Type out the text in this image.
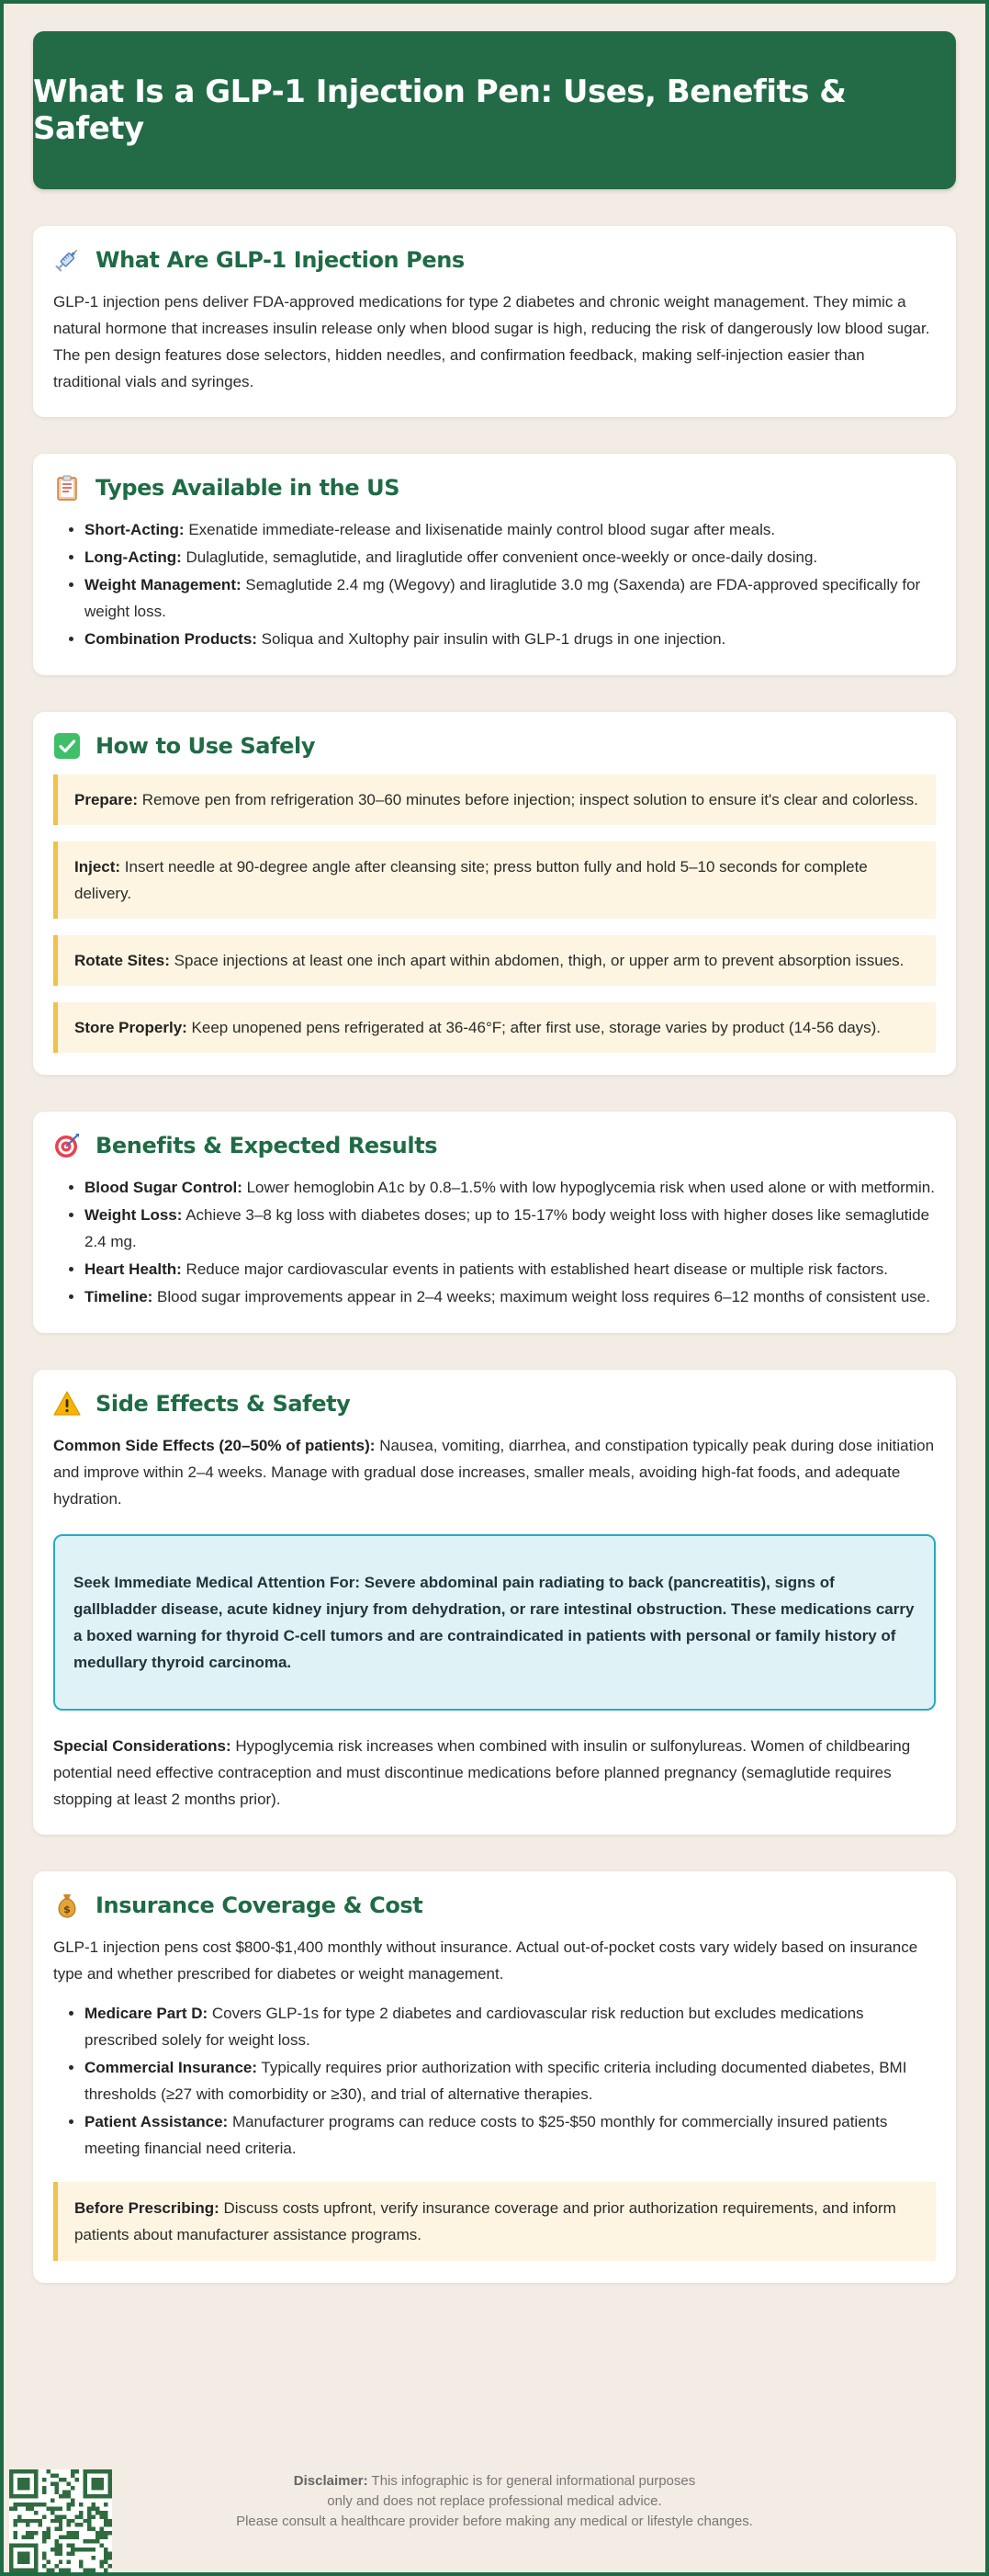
What Is a GLP-1 Injection Pen: Uses, Benefits & Safety
What Are GLP-1 Injection Pens

GLP-1 injection pens deliver FDA-approved medications for type 2 diabetes and chronic weight management. They mimic a natural hormone that increases insulin release only when blood sugar is high, reducing the risk of dangerously low blood sugar. The pen design features dose selectors, hidden needles, and confirmation feedback, making self-injection easier than traditional vials and syringes.

Types Available in the US
• Short-Acting: Exenatide immediate-release and lixisenatide mainly control blood sugar after meals.
• Long-Acting: Dulaglutide, semaglutide, and liraglutide offer convenient once-weekly or once-daily dosing.
• Weight Management: Semaglutide 2.4 mg (Wegovy) and liraglutide 3.0 mg (Saxenda) are FDA-approved specifically for weight loss.
• Combination Products: Soliqua and Xultophy pair insulin with GLP-1 drugs in one injection.
How to Use Safely
Prepare: Remove pen from refrigeration 30–60 minutes before injection; inspect solution to ensure it's clear and colorless.
Inject: Insert needle at 90-degree angle after cleansing site; press button fully and hold 5–10 seconds for complete delivery.
Rotate Sites: Space injections at least one inch apart within abdomen, thigh, or upper arm to prevent absorption issues.
Store Properly: Keep unopened pens refrigerated at 36-46°F; after first use, storage varies by product (14-56 days).
Benefits & Expected Results
• Blood Sugar Control: Lower hemoglobin A1c by 0.8–1.5% with low hypoglycemia risk when used alone or with metformin.
• Weight Loss: Achieve 3–8 kg loss with diabetes doses; up to 15-17% body weight loss with higher doses like semaglutide 2.4 mg.
• Heart Health: Reduce major cardiovascular events in patients with established heart disease or multiple risk factors.
• Timeline: Blood sugar improvements appear in 2–4 weeks; maximum weight loss requires 6–12 months of consistent use.
Side Effects & Safety

Common Side Effects (20–50% of patients): Nausea, vomiting, diarrhea, and constipation typically peak during dose initiation and improve within 2–4 weeks. Manage with gradual dose increases, smaller meals, avoiding high-fat foods, and adequate hydration.

Seek Immediate Medical Attention For: Severe abdominal pain radiating to back (pancreatitis), signs of gallbladder disease, acute kidney injury from dehydration, or rare intestinal obstruction. These medications carry a boxed warning for thyroid C-cell tumors and are contraindicated in patients with personal or family history of medullary thyroid carcinoma.

Special Considerations: Hypoglycemia risk increases when combined with insulin or sulfonylureas. Women of childbearing potential need effective contraception and must discontinue medications before planned pregnancy (semaglutide requires stopping at least 2 months prior).

$ Insurance Coverage & Cost

GLP-1 injection pens cost $800-$1,400 monthly without insurance. Actual out-of-pocket costs vary widely based on insurance type and whether prescribed for diabetes or weight management.

• Medicare Part D: Covers GLP-1s for type 2 diabetes and cardiovascular risk reduction but excludes medications prescribed solely for weight loss.
• Commercial Insurance: Typically requires prior authorization with specific criteria including documented diabetes, BMI thresholds (≥27 with comorbidity or ≥30), and trial of alternative therapies.
• Patient Assistance: Manufacturer programs can reduce costs to $25-$50 monthly for commercially insured patients meeting financial need criteria.
Before Prescribing: Discuss costs upfront, verify insurance coverage and prior authorization requirements, and inform patients about manufacturer assistance programs.
Disclaimer: This infographic is for general informational purposes
only and does not replace professional medical advice.
Please consult a healthcare provider before making any medical or lifestyle changes.
